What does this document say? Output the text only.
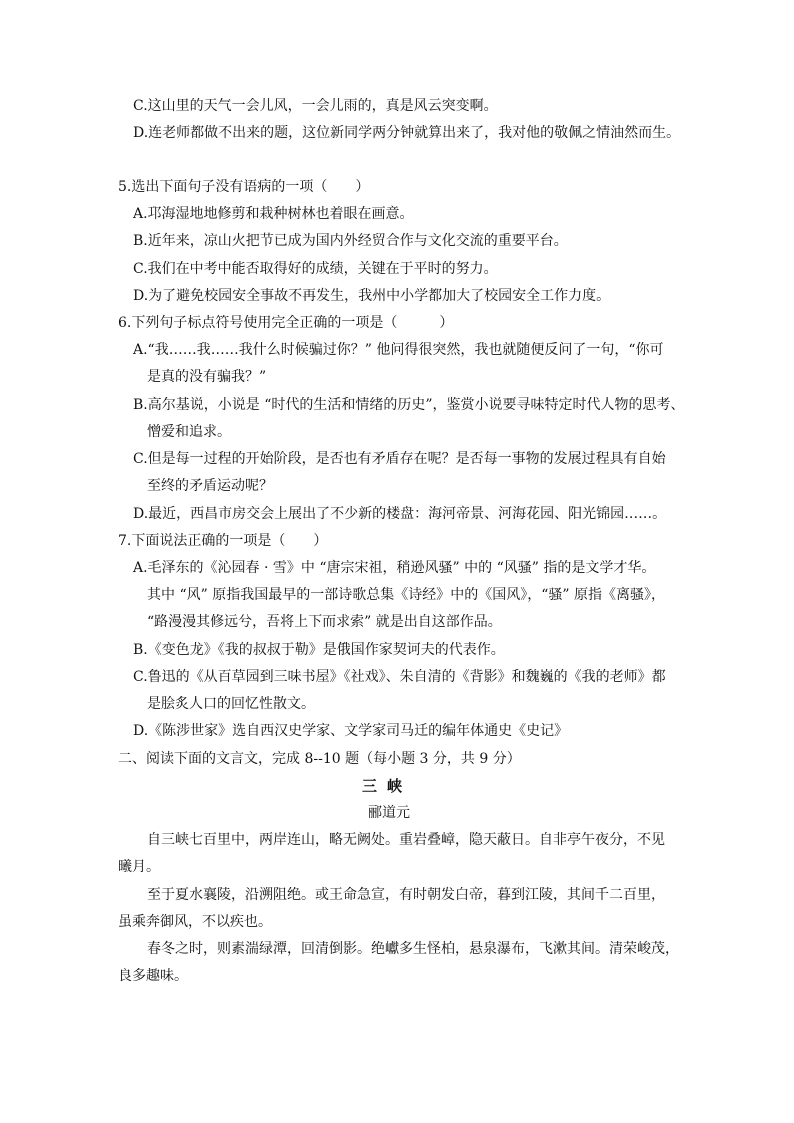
C.这山里的天气一会儿风，一会儿雨的，真是风云突变啊。
D.连老师都做不出来的题，这位新同学两分钟就算出来了，我对他的敬佩之情油然而生。
5.选出下面句子没有语病的一项（　　）
A.邛海湿地地修剪和栽种树林也着眼在画意。
B.近年来，凉山火把节已成为国内外经贸合作与文化交流的重要平台。
C.我们在中考中能否取得好的成绩，关键在于平时的努力。
D.为了避免校园安全事故不再发生，我州中小学都加大了校园安全工作力度。
6.下列句子标点符号使用完全正确的一项是（　　　）
A.“我……我……我什么时候骗过你？” 他问得很突然，我也就随便反问了一句，“你可
是真的没有骗我？”
B.高尔基说，小说是 “时代的生活和情绪的历史”，鉴赏小说要寻味特定时代人物的思考、
憎爱和追求。
C.但是每一过程的开始阶段，是否也有矛盾存在呢？是否每一事物的发展过程具有自始
至终的矛盾运动呢？
D.最近，西昌市房交会上展出了不少新的楼盘：海河帝景、河海花园、阳光锦园……。
7.下面说法正确的一项是（　　）
A.毛泽东的《沁园春 · 雪》中 “唐宗宋祖，稍逊风骚” 中的 “风骚” 指的是文学才华。
其中 “风” 原指我国最早的一部诗歌总集《诗经》中的《国风》，“骚” 原指《离骚》，
“路漫漫其修远兮，吾将上下而求索” 就是出自这部作品。
B.《变色龙》《我的叔叔于勒》是俄国作家契诃夫的代表作。
C.鲁迅的《从百草园到三味书屋》《社戏》、朱自清的《背影》和魏巍的《我的老师》都
是脍炙人口的回忆性散文。
D.《陈涉世家》选自西汉史学家、文学家司马迁的编年体通史《史记》
二、阅读下面的文言文，完成 8--10 题（每小题 3 分，共 9 分）
三峡
郦道元
自三峡七百里中，两岸连山，略无阙处。重岩叠嶂，隐天蔽日。自非亭午夜分，不见
曦月。
至于夏水襄陵，沿溯阻绝。或王命急宣，有时朝发白帝，暮到江陵，其间千二百里，
虽乘奔御风，不以疾也。
春冬之时，则素湍绿潭，回清倒影。绝巘多生怪柏，悬泉瀑布，飞漱其间。清荣峻茂，
良多趣味。
